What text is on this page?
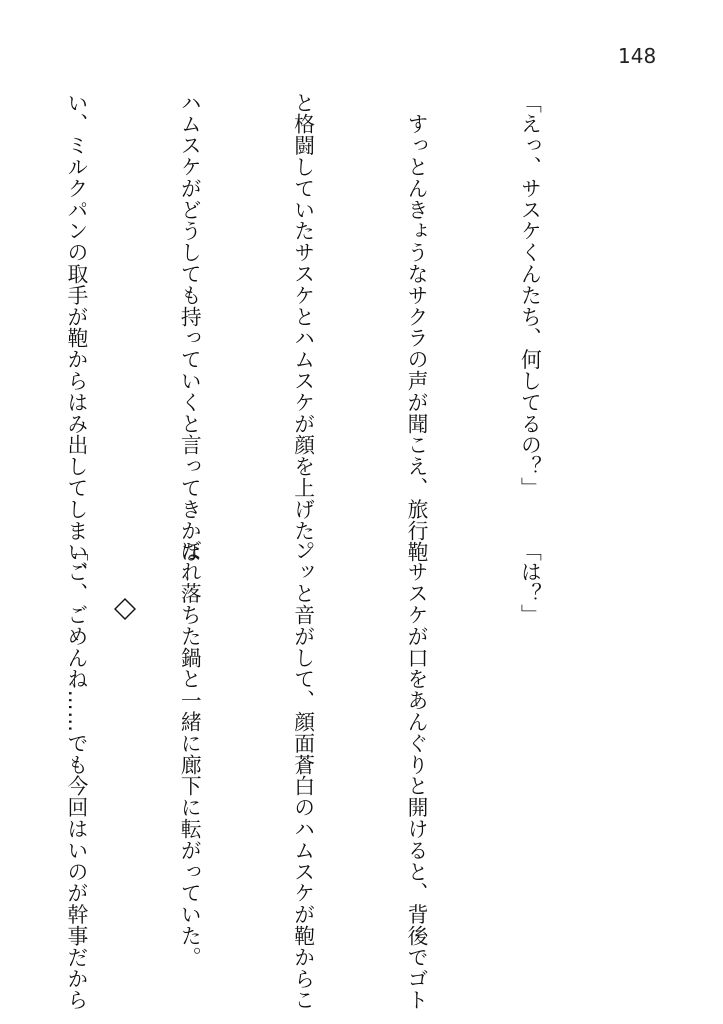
148

「えっ、サスケくんたち、何してるの？」

　すっとんきょうなサクラの声が聞こえ、旅行鞄

と格闘していたサスケとハムスケが顔を上げた。

ハムスケがどうしても持っていくと言ってきかな

い、ミルクパンの取手が鞄からはみ出してしまい、

	「は？」

　サスケが口をあんぐりと開けると、背後でゴト

ンッと音がして、顔面蒼白のハムスケが鞄からこ

ぼれ落ちた鍋と一緒に廊下に転がっていた。

「ご、ごめんね……でも今回はいのが幹事だから
